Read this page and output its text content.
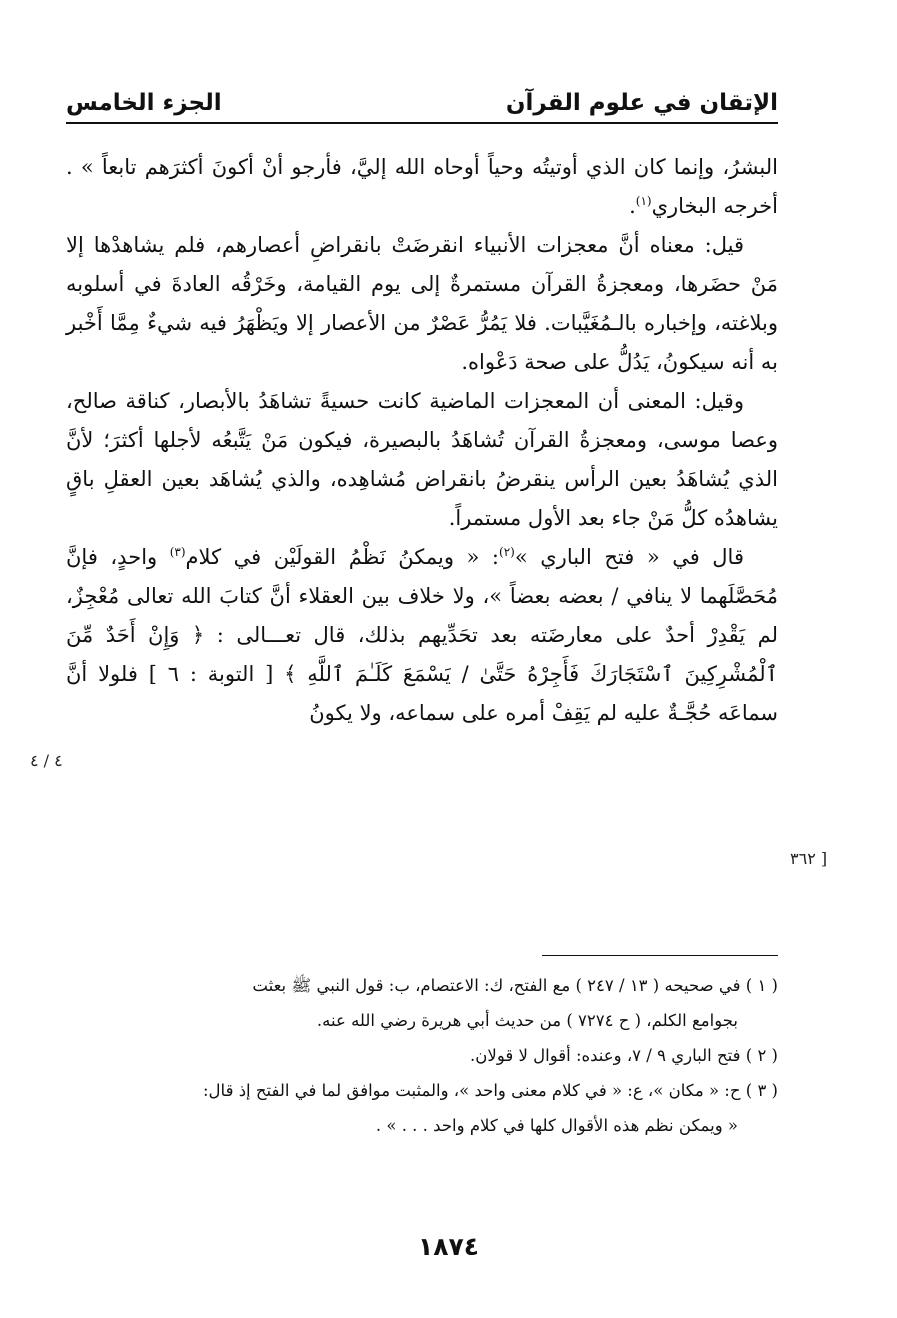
الإتقان في علوم القرآن
الجزء الخامس

البشرُ، وإنما كان الذي أوتيتُه وحياً أوحاه الله إليَّ، فأرجو أنْ أكونَ أكثرَهم تابعاً » . أخرجه البخاري$^{(١)}$.

قيل: معناه أنَّ معجزات الأنبياء انقرضَتْ بانقراضِ أعصارهم، فلم يشاهدْها إلا مَنْ حضَرها، ومعجزةُ القرآن مستمرةٌ إلى يوم القيامة، وخَرْقُه العادةَ في أسلوبه وبلاغته، وإخباره بالـمُغَيَّبات. فلا يَمُرُّ عَصْرٌ من الأعصار إلا ويَظْهَرُ فيه شيءٌ مِمَّا أَخْبر به أنه سيكونُ، يَدُلُّ على صحة دَعْواه.

وقيل: المعنى أن المعجزات الماضية كانت حسيةً تشاهَدُ بالأبصار، كناقة صالح، وعصا موسى، ومعجزةُ القرآن تُشاهَدُ بالبصيرة، فيكون مَنْ يَتَّبعُه لأجلها أكثرَ؛ لأنَّ الذي يُشاهَدُ بعين الرأس ينقرضُ بانقراض مُشاهِده، والذي يُشاهَد بعين العقلِ باقٍ يشاهدُه كلُّ مَنْ جاء بعد الأول مستمراً.

قال في « فتح الباري »$^{(٢)}$: « ويمكنُ نَظْمُ القولَيْن في كلام$^{(٣)}$ واحدٍ، فإنَّ مُحَصَّلَهما لا ينافي / بعضه بعضاً »، ولا خلاف بين العقلاء أنَّ كتابَ الله تعالى مُعْجِزٌ، لم يَقْدِرْ أحدٌ على معارضَته بعد تحَدِّيهم بذلك، قال تعـــالى : ﴿ وَإِنْ أَحَدٌ مِّنَ ٱلْمُشْرِكِينَ ٱسْتَجَارَكَ فَأَجِرْهُ حَتَّىٰ / يَسْمَعَ كَلَـٰمَ ٱللَّهِ ﴾ [ التوبة : ٦ ] فلولا أنَّ سماعَه حُجَّـةٌ عليه لم يَقِفْ أمره على سماعه، ولا يكونُ

٤ / ٤
[ ٣٦٢

( ١ ) في صحيحه ( ١٣ / ٢٤٧ ) مع الفتح، ك: الاعتصام، ب: قول النبي ﷺ بعثت

بجوامع الكلم، ( ح ٧٢٧٤ ) من حديث أبي هريرة رضي الله عنه.

( ٢ ) فتح الباري ٩ / ٧، وعنده: أقوال لا قولان.

( ٣ ) ح: « مكان »، ع: « في كلام معنى واحد »، والمثبت موافق لما في الفتح إذ قال:

« ويمكن نظم هذه الأقوال كلها في كلام واحد . . . » .

١٨٧٤
